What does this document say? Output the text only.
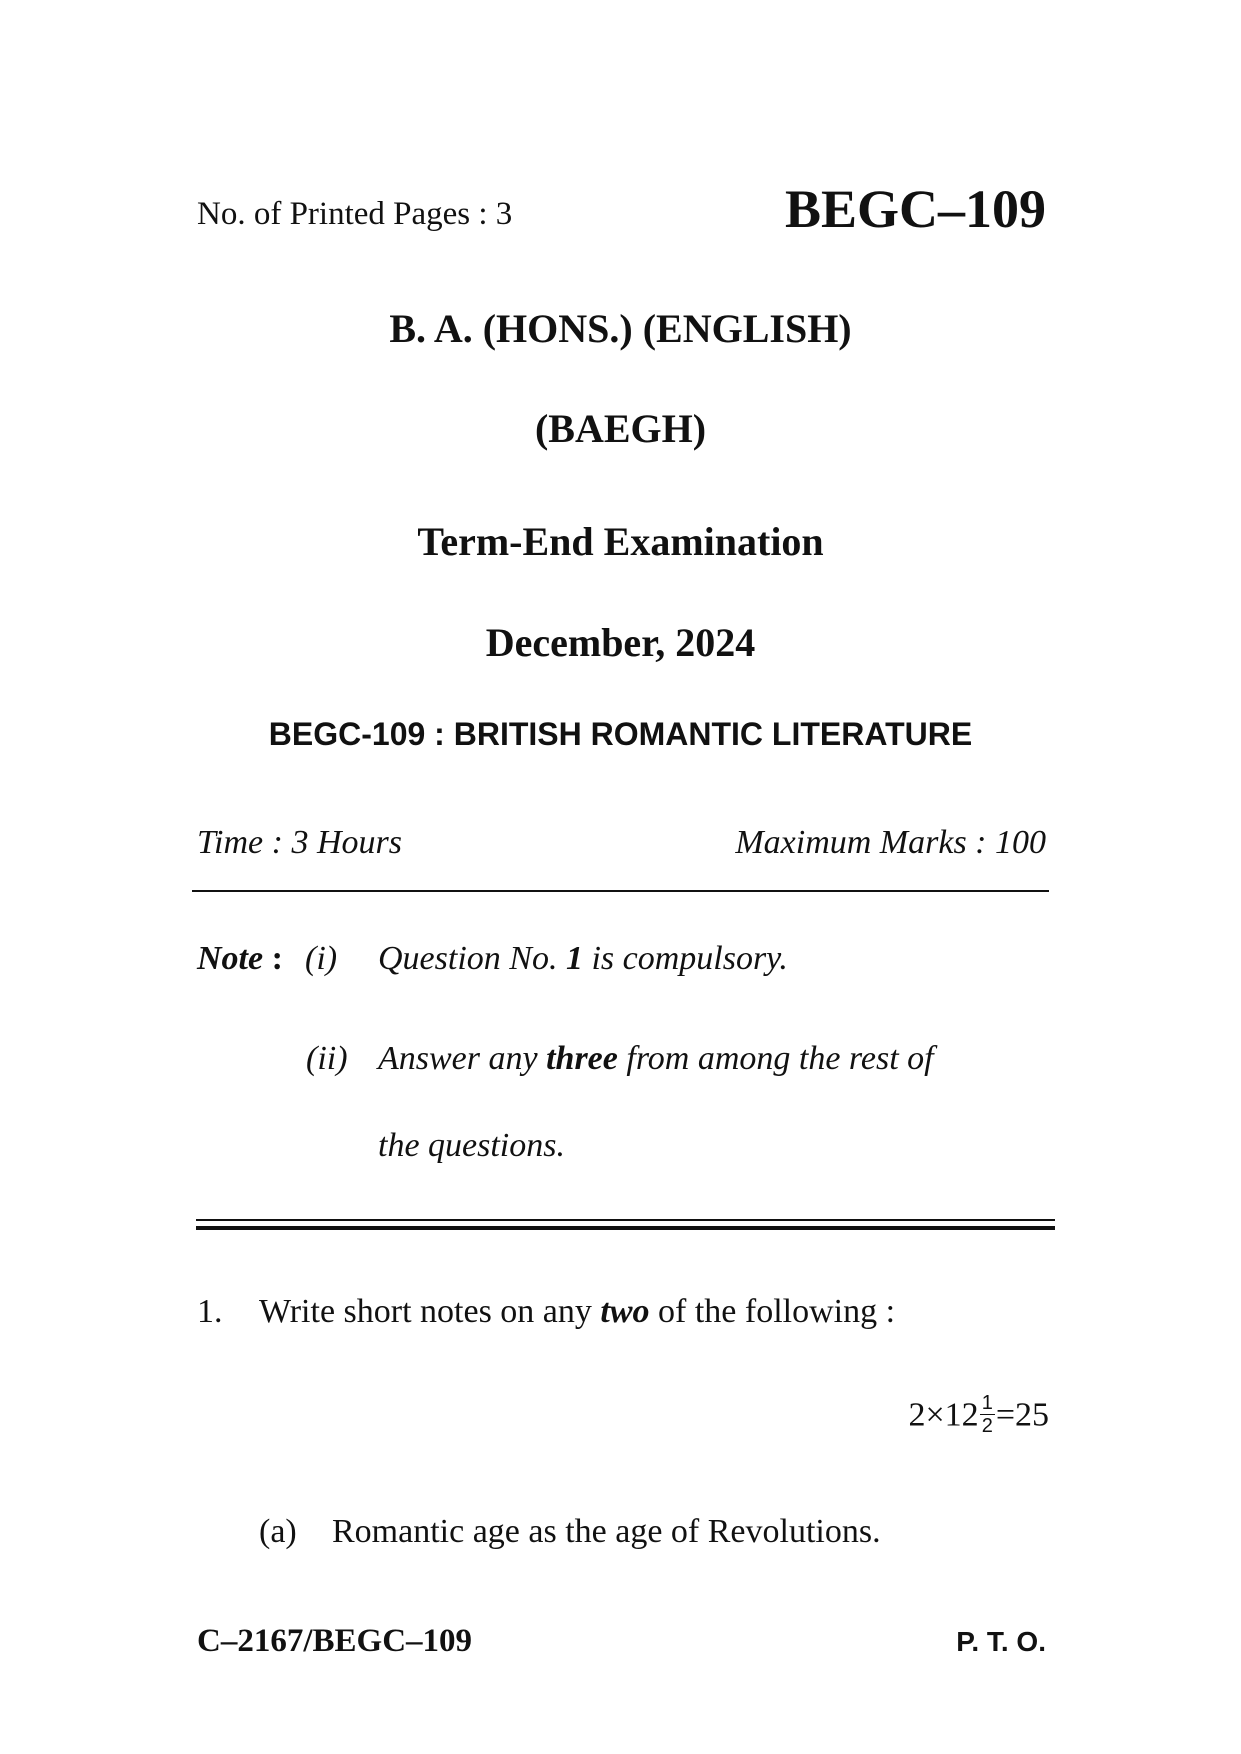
No. of Printed Pages : 3	BEGC–109
B. A. (HONS.) (ENGLISH)
(BAEGH)
Term-End Examination
December, 2024
BEGC-109 : BRITISH ROMANTIC LITERATURE
Time : 3 Hours	Maximum Marks : 100
Note : (i) Question No. 1 is compulsory.
(ii) Answer any three from among the rest of
the questions.
1. Write short notes on any two of the following :
$2\times 12 \frac{1}{2} =25$
(a) Romantic age as the age of Revolutions.
C–2167/BEGC–109	P. T. O.
